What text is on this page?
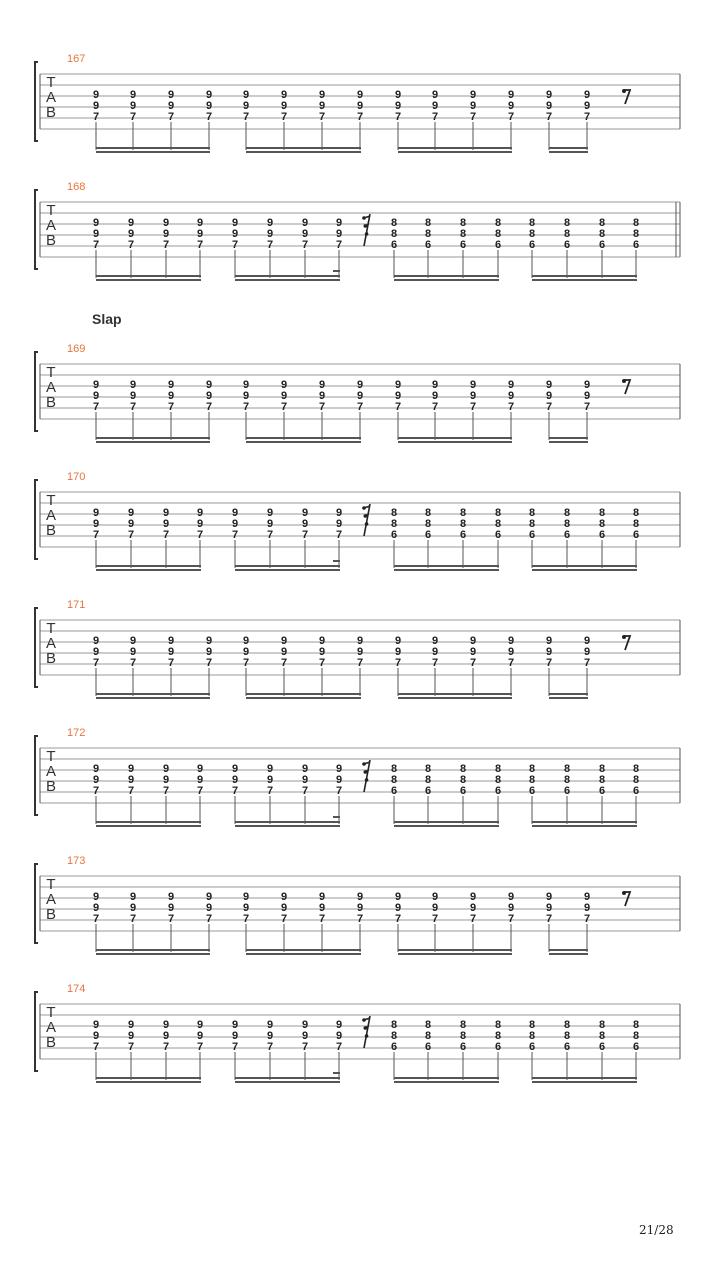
Slap
T
A
B
167
9
9
7
9
9
7
9
9
7
9
9
7
9
9
7
9
9
7
9
9
7
9
9
7
9
9
7
9
9
7
9
9
7
9
9
7
9
9
7
9
9
7
T
A
B
168
9
9
7
9
9
7
9
9
7
9
9
7
9
9
7
9
9
7
9
9
7
9
9
7
8
8
6
8
8
6
8
8
6
8
8
6
8
8
6
8
8
6
8
8
6
8
8
6
T
A
B
169
9
9
7
9
9
7
9
9
7
9
9
7
9
9
7
9
9
7
9
9
7
9
9
7
9
9
7
9
9
7
9
9
7
9
9
7
9
9
7
9
9
7
T
A
B
170
9
9
7
9
9
7
9
9
7
9
9
7
9
9
7
9
9
7
9
9
7
9
9
7
8
8
6
8
8
6
8
8
6
8
8
6
8
8
6
8
8
6
8
8
6
8
8
6
T
A
B
171
9
9
7
9
9
7
9
9
7
9
9
7
9
9
7
9
9
7
9
9
7
9
9
7
9
9
7
9
9
7
9
9
7
9
9
7
9
9
7
9
9
7
T
A
B
172
9
9
7
9
9
7
9
9
7
9
9
7
9
9
7
9
9
7
9
9
7
9
9
7
8
8
6
8
8
6
8
8
6
8
8
6
8
8
6
8
8
6
8
8
6
8
8
6
T
A
B
173
9
9
7
9
9
7
9
9
7
9
9
7
9
9
7
9
9
7
9
9
7
9
9
7
9
9
7
9
9
7
9
9
7
9
9
7
9
9
7
9
9
7
T
A
B
174
9
9
7
9
9
7
9
9
7
9
9
7
9
9
7
9
9
7
9
9
7
9
9
7
8
8
6
8
8
6
8
8
6
8
8
6
8
8
6
8
8
6
8
8
6
8
8
6
21/28
